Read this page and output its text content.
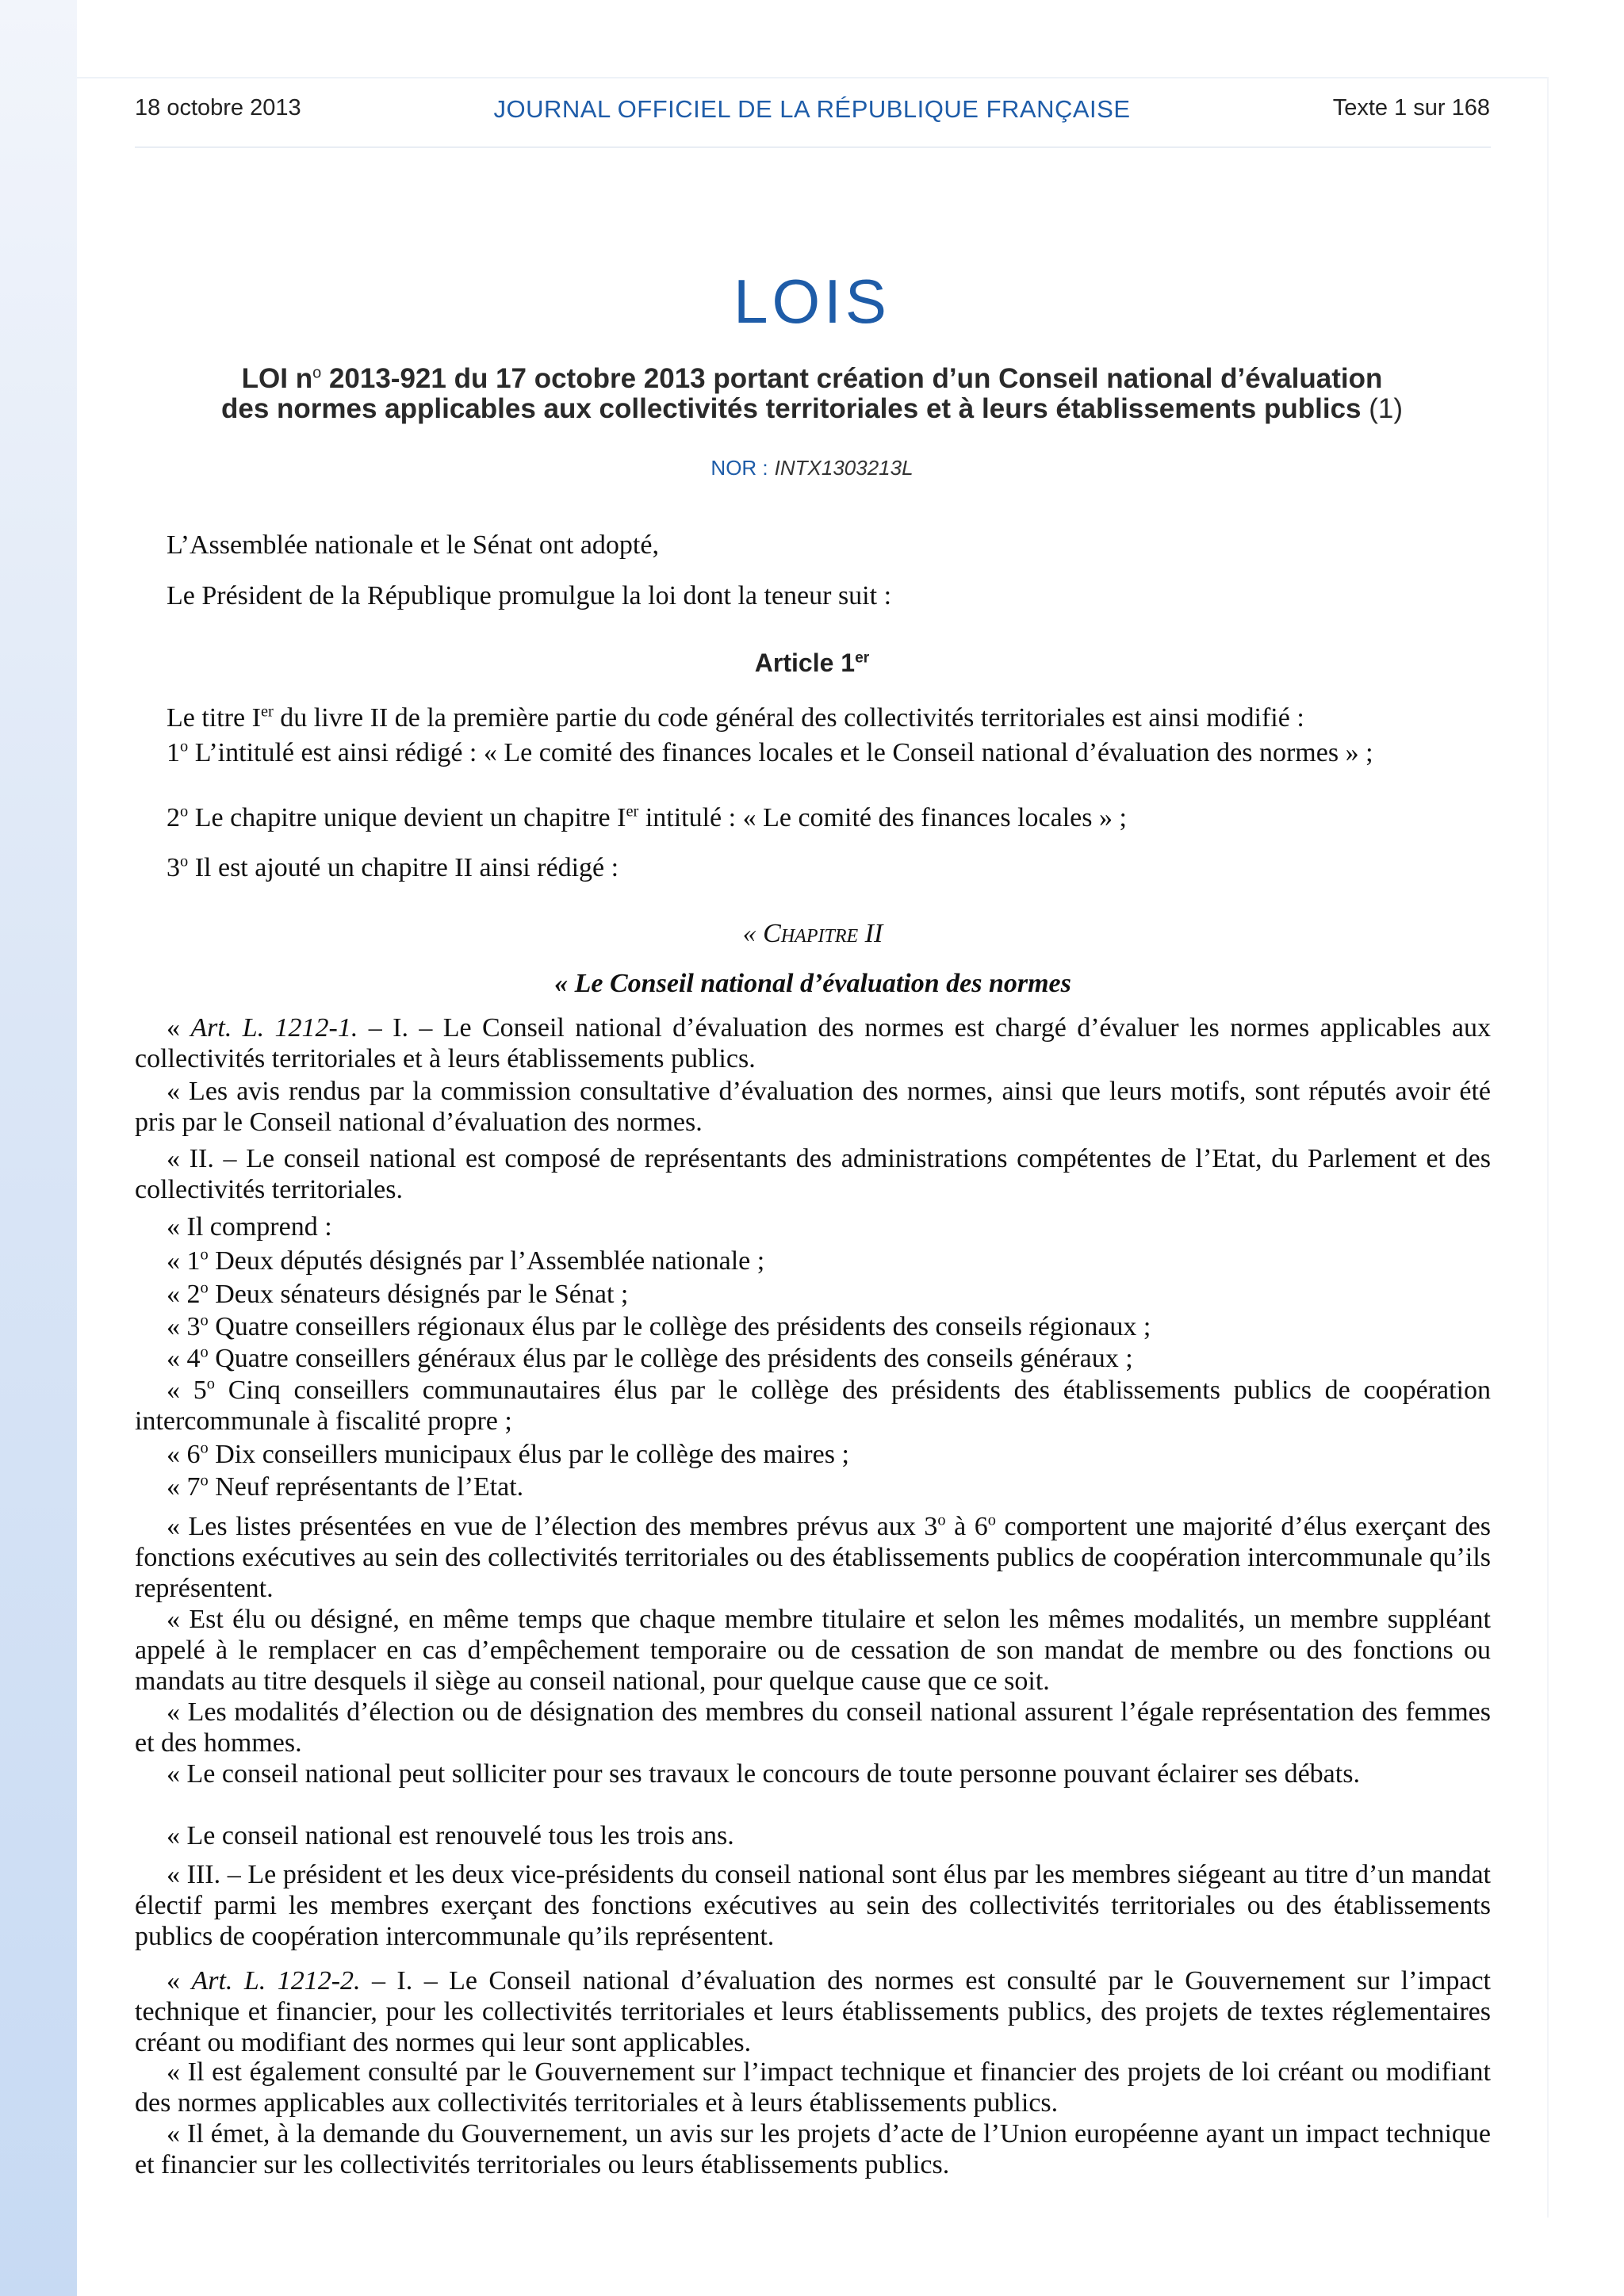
18 octobre 2013	JOURNAL OFFICIEL DE LA RÉPUBLIQUE FRANÇAISE	Texte 1 sur 168
LOIS
LOI $n^o$ 2013-921 du 17 octobre 2013 portant création d’un Conseil national d’évaluation
des normes applicables aux collectivités territoriales et à leurs établissements publics (1)
NOR : INTX1303213L
L’Assemblée nationale et le Sénat ont adopté,
Le Président de la République promulgue la loi dont la teneur suit :
Article 1er
Le titre Ier du livre II de la première partie du code général des collectivités territoriales est ainsi modifié :
1$^o$ L’intitulé est ainsi rédigé : « Le comité des finances locales et le Conseil national d’évaluation des normes » ;
2$^o$ Le chapitre unique devient un chapitre Ier intitulé : « Le comité des finances locales » ;
3$^o$ Il est ajouté un chapitre II ainsi rédigé :
« Chapitre II
« Le Conseil national d’évaluation des normes
« Art. L. 1212-1. – I. – Le Conseil national d’évaluation des normes est chargé d’évaluer les normes applicables aux collectivités territoriales et à leurs établissements publics.
« Les avis rendus par la commission consultative d’évaluation des normes, ainsi que leurs motifs, sont réputés avoir été pris par le Conseil national d’évaluation des normes.
« II. – Le conseil national est composé de représentants des administrations compétentes de l’Etat, du Parlement et des collectivités territoriales.
« Il comprend :
« 1$^o$ Deux députés désignés par l’Assemblée nationale ;
« 2$^o$ Deux sénateurs désignés par le Sénat ;
« 3$^o$ Quatre conseillers régionaux élus par le collège des présidents des conseils régionaux ;
« 4$^o$ Quatre conseillers généraux élus par le collège des présidents des conseils généraux ;
« 5$^o$ Cinq conseillers communautaires élus par le collège des présidents des établissements publics de coopération intercommunale à fiscalité propre ;
« 6$^o$ Dix conseillers municipaux élus par le collège des maires ;
« 7$^o$ Neuf représentants de l’Etat.
« Les listes présentées en vue de l’élection des membres prévus aux 3$^o$ à 6$^o$ comportent une majorité d’élus exerçant des fonctions exécutives au sein des collectivités territoriales ou des établissements publics de coopération intercommunale qu’ils représentent.
« Est élu ou désigné, en même temps que chaque membre titulaire et selon les mêmes modalités, un membre suppléant appelé à le remplacer en cas d’empêchement temporaire ou de cessation de son mandat de membre ou des fonctions ou mandats au titre desquels il siège au conseil national, pour quelque cause que ce soit.
« Les modalités d’élection ou de désignation des membres du conseil national assurent l’égale représentation des femmes et des hommes.
« Le conseil national peut solliciter pour ses travaux le concours de toute personne pouvant éclairer ses débats.
« Le conseil national est renouvelé tous les trois ans.
« III. – Le président et les deux vice-présidents du conseil national sont élus par les membres siégeant au titre d’un mandat électif parmi les membres exerçant des fonctions exécutives au sein des collectivités territoriales ou des établissements publics de coopération intercommunale qu’ils représentent.
« Art. L. 1212-2. – I. – Le Conseil national d’évaluation des normes est consulté par le Gouvernement sur l’impact technique et financier, pour les collectivités territoriales et leurs établissements publics, des projets de textes réglementaires créant ou modifiant des normes qui leur sont applicables.
« Il est également consulté par le Gouvernement sur l’impact technique et financier des projets de loi créant ou modifiant des normes applicables aux collectivités territoriales et à leurs établissements publics.
« Il émet, à la demande du Gouvernement, un avis sur les projets d’acte de l’Union européenne ayant un impact technique et financier sur les collectivités territoriales ou leurs établissements publics.
